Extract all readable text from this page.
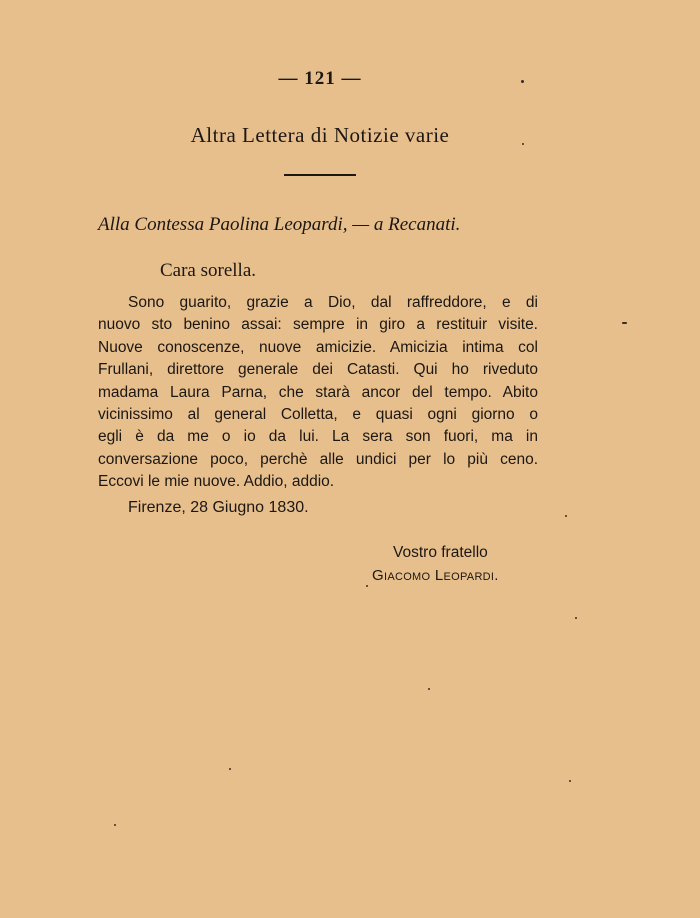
— 121 —
Altra Lettera di Notizie varie
Alla Contessa Paolina Leopardi, — a Recanati.
Cara sorella.
Sono guarito, grazie a Dio, dal raffreddore, e di
nuovo sto benino assai: sempre in giro a restituir visite.
Nuove conoscenze, nuove amicizie. Amicizia intima col
Frullani, direttore generale dei Catasti. Qui ho riveduto
madama Laura Parna, che starà ancor del tempo. Abito
vicinissimo al general Colletta, e quasi ogni giorno o
egli è da me o io da lui. La sera son fuori, ma in
conversazione poco, perchè alle undici per lo più ceno.
Eccovi le mie nuove. Addio, addio.
Firenze, 28 Giugno 1830.
Vostro fratello
Giacomo Leopardi.
